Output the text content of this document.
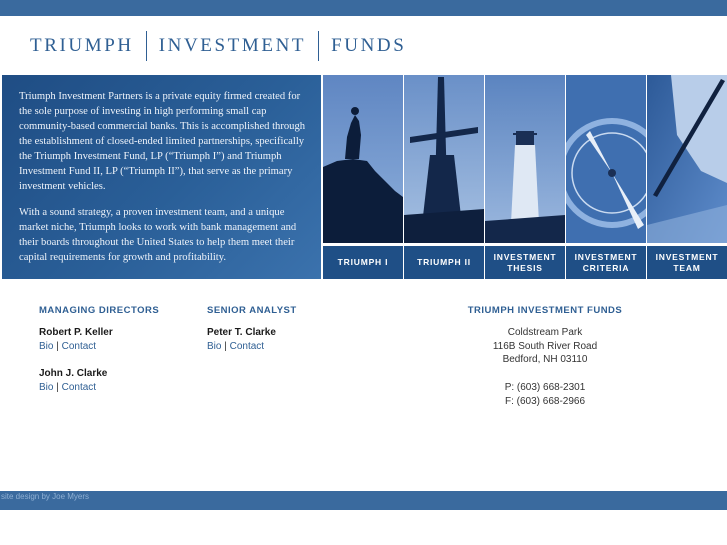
TRIUMPH	INVESTMENT	FUNDS

Triumph Investment Partners is a private equity firmed created for the sole purpose of investing in high performing small cap community-based commercial banks. This is accomplished through the establishment of closed-ended limited partnerships, specifically the Triumph Investment Fund, LP (“Triumph I”) and Triumph Investment Fund II, LP (“Triumph II”), that serve as the primary investment vehicles.

With a sound strategy, a proven investment team, and a unique market niche, Triumph looks to work with bank management and their boards throughout the United States to help them meet their capital requirements for growth and profitability.	TRIUMPH I	TRIUMPH II
INVESTMENT
THESIS
INVESTMENT
CRITERIA
INVESTMENT
TEAM
MANAGING DIRECTORS
Robert P. Keller
Bio | Contact
John J. Clarke
Bio | Contact
SENIOR ANALYST
Peter T. Clarke
Bio | Contact
TRIUMPH INVESTMENT FUNDS
Coldstream Park
116B South River Road
Bedford, NH 03110
P: (603) 668-2301
F: (603) 668-2966
site design by Joe Myers
